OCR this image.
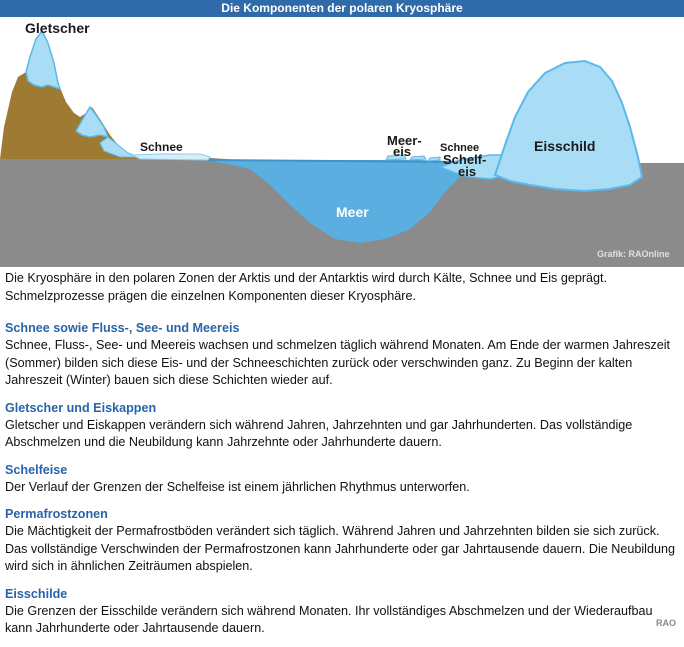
Die Komponenten der polaren Kryosphäre
Gletscher
Schnee	Meer-
eis	Schnee
Schelf-
eis
Eisschild
Meer
Grafik: RAOnline

Die Kryosphäre in den polaren Zonen der Arktis und der Antarktis wird durch Kälte, Schnee und Eis geprägt. Schmelzprozesse prägen die einzelnen Komponenten dieser Kryosphäre.

Schnee sowie Fluss-, See- und Meereis

Schnee, Fluss-, See- und Meereis wachsen und schmelzen täglich während Monaten. Am Ende der warmen Jahreszeit (Sommer) bilden sich diese Eis- und der Schneeschichten zurück oder verschwinden ganz. Zu Beginn der kalten Jahreszeit (Winter) bauen sich diese Schichten wieder auf.

Gletscher und Eiskappen

Gletscher und Eiskappen verändern sich während Jahren, Jahrzehnten und gar Jahrhunderten. Das vollständige Abschmelzen und die Neubildung kann Jahrzehnte oder Jahrhunderte dauern.

Schelfeise

Der Verlauf der Grenzen der Schelfeise ist einem jährlichen Rhythmus unterworfen.

Permafrostzonen

Die Mächtigkeit der Permafrostböden verändert sich täglich. Während Jahren und Jahrzehnten bilden sie sich zurück. Das vollständige Verschwinden der Permafrostzonen kann Jahrhunderte oder gar Jahrtausende dauern. Die Neubildung wird sich in ähnlichen Zeiträumen abspielen.

Eisschilde

Die Grenzen der Eisschilde verändern sich während Monaten. Ihr vollständiges Abschmelzen und der Wiederaufbau kann Jahrhunderte oder Jahrtausende dauern.	RAO
